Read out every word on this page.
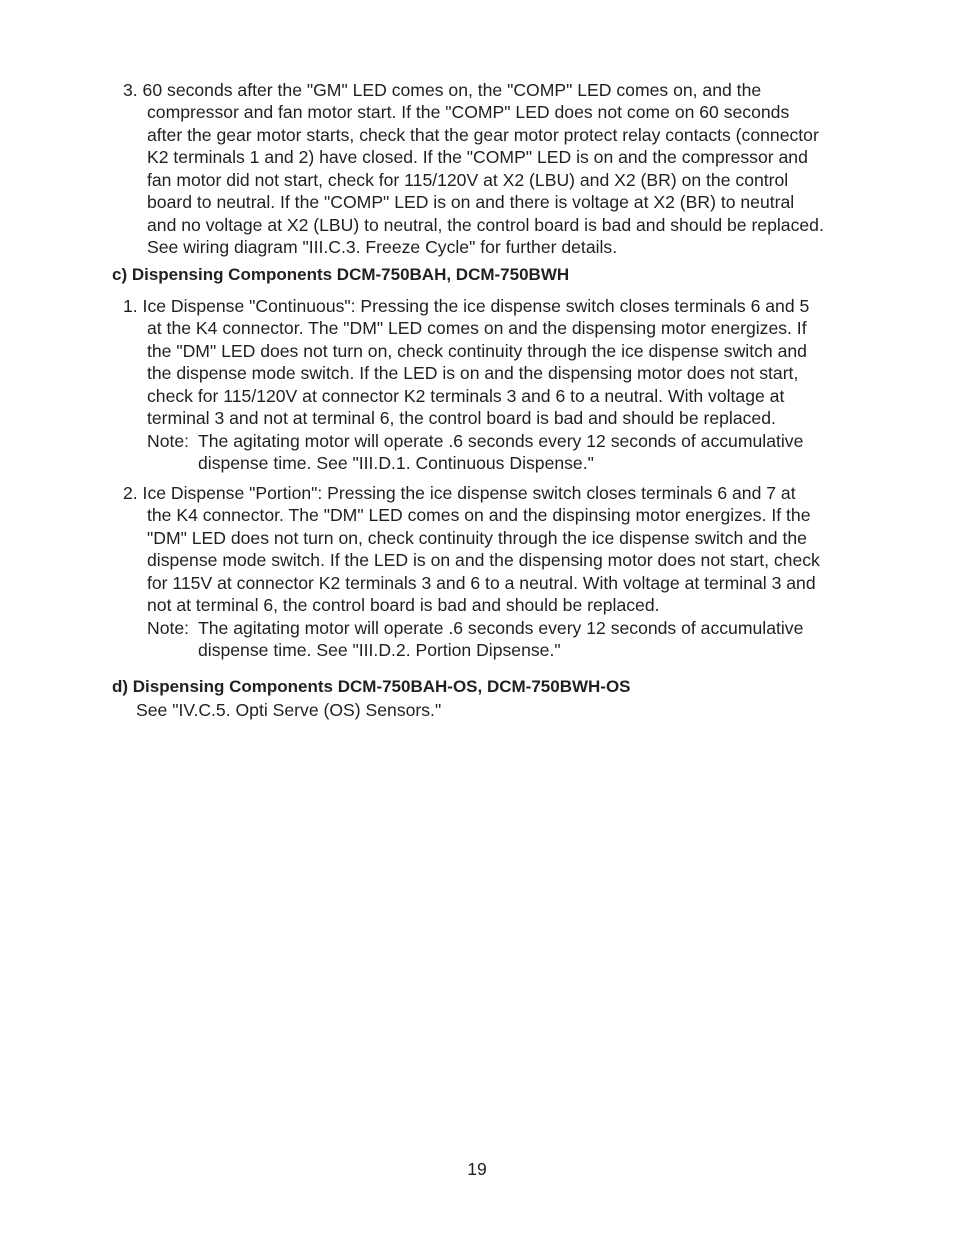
3. 60 seconds after the "GM" LED comes on, the "COMP" LED comes on, and the
compressor and fan motor start. If the "COMP" LED does not come on 60 seconds
after the gear motor starts, check that the gear motor protect relay contacts (connector
K2 terminals 1 and 2) have closed. If the "COMP" LED is on and the compressor and
fan motor did not start, check for 115/120V at X2 (LBU) and X2 (BR) on the control
board to neutral. If the "COMP" LED is on and there is voltage at X2 (BR) to neutral
and no voltage at X2 (LBU) to neutral, the control board is bad and should be replaced.
See wiring diagram "III.C.3. Freeze Cycle" for further details.
c) Dispensing Components DCM-750BAH, DCM-750BWH
1. Ice Dispense "Continuous": Pressing the ice dispense switch closes terminals 6 and 5
at the K4 connector. The "DM" LED comes on and the dispensing motor energizes. If
the "DM" LED does not turn on, check continuity through the ice dispense switch and
the dispense mode switch. If the LED is on and the dispensing motor does not start,
check for 115/120V at connector K2 terminals 3 and 6 to a neutral. With voltage at
terminal 3 and not at terminal 6, the control board is bad and should be replaced.
Note: The agitating motor will operate .6 seconds every 12 seconds of accumulative
dispense time. See "III.D.1. Continuous Dispense."
2. Ice Dispense "Portion": Pressing the ice dispense switch closes terminals 6 and 7 at
the K4 connector. The "DM" LED comes on and the dispinsing motor energizes. If the
"DM" LED does not turn on, check continuity through the ice dispense switch and the
dispense mode switch. If the LED is on and the dispensing motor does not start, check
for 115V at connector K2 terminals 3 and 6 to a neutral. With voltage at terminal 3 and
not at terminal 6, the control board is bad and should be replaced.
Note: The agitating motor will operate .6 seconds every 12 seconds of accumulative
dispense time. See "III.D.2. Portion Dipsense."
d) Dispensing Components DCM-750BAH-OS, DCM-750BWH-OS
See "IV.C.5. Opti Serve (OS) Sensors."
19
